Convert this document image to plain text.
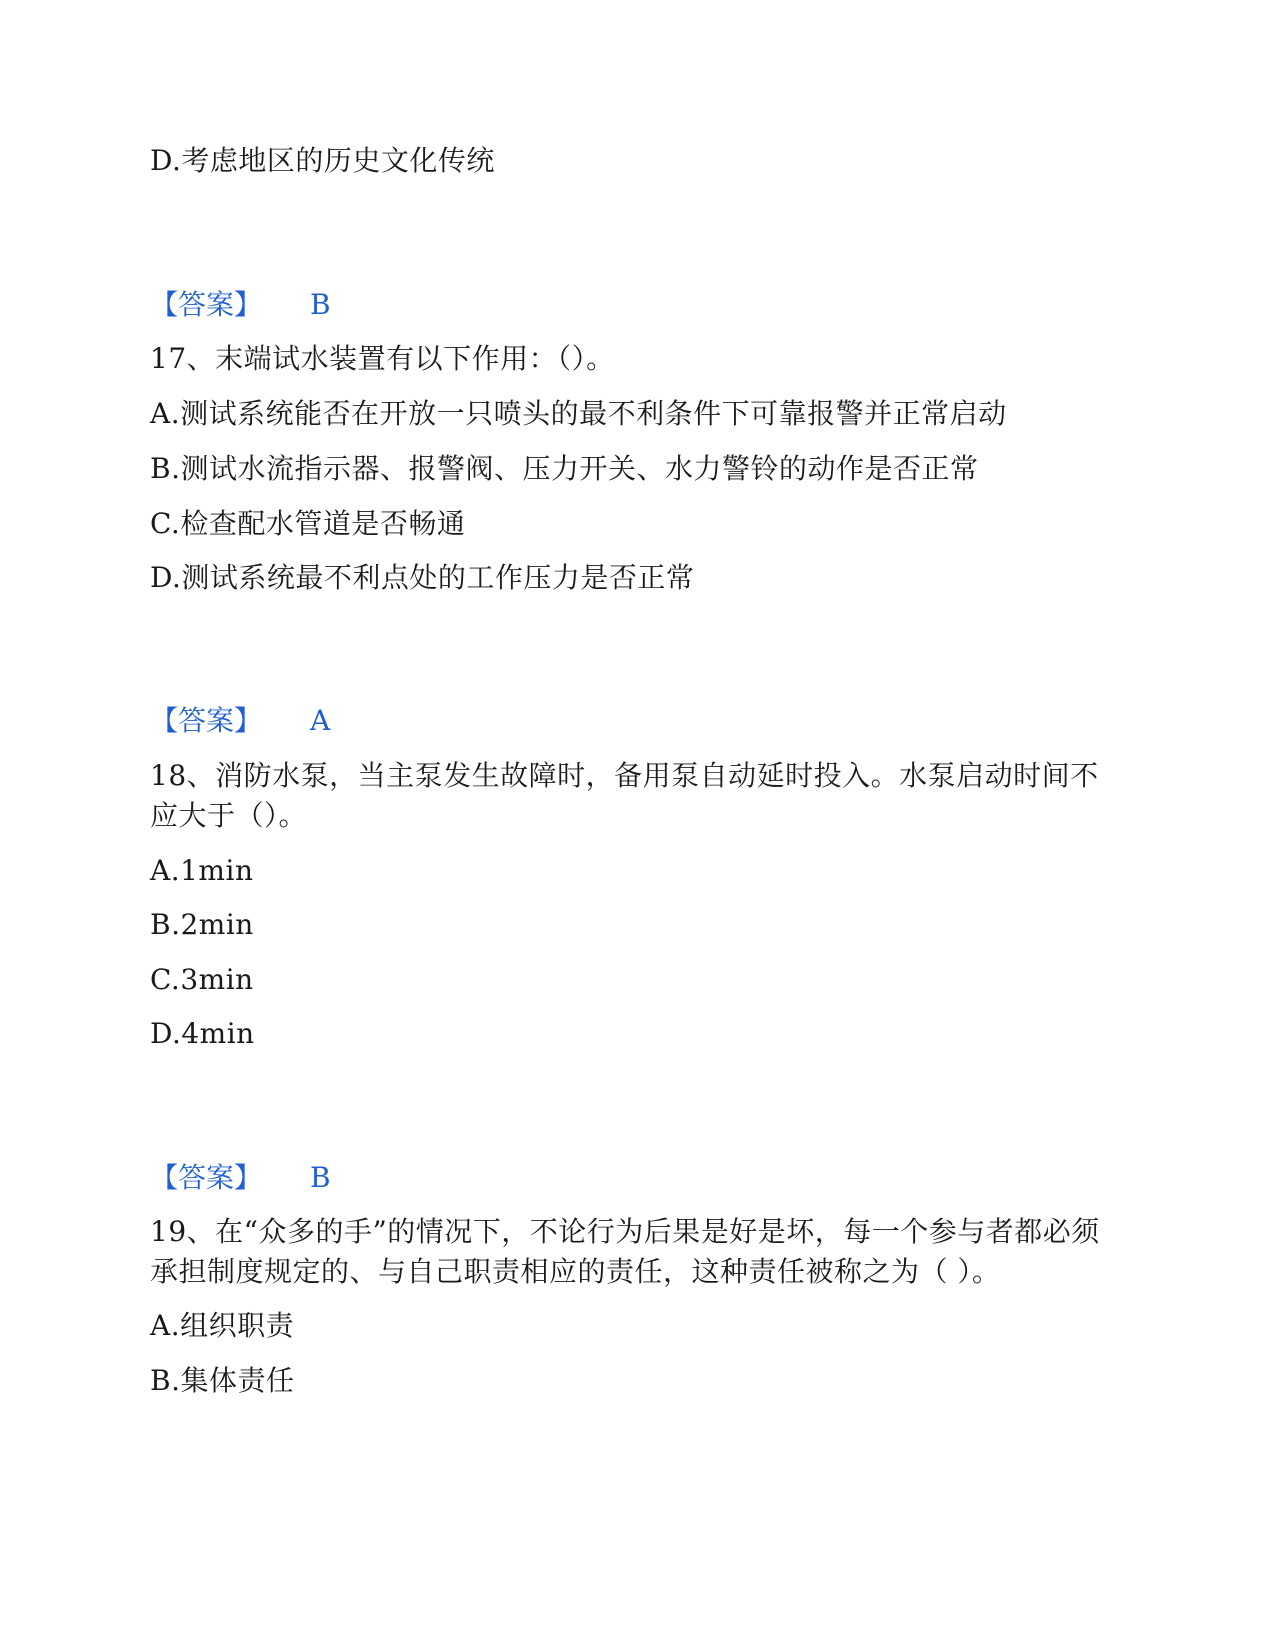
D.考虑地区的历史文化传统
【答案】 B
17、末端试水装置有以下作用：（）。
A.测试系统能否在开放一只喷头的最不利条件下可靠报警并正常启动
B.测试水流指示器、报警阀、压力开关、水力警铃的动作是否正常
C.检查配水管道是否畅通
D.测试系统最不利点处的工作压力是否正常
【答案】 A
18、消防水泵，当主泵发生故障时，备用泵自动延时投入。水泵启动时间不
应大于（）。
A.1min
B.2min
C.3min
D.4min
【答案】 B
19、在“众多的手”的情况下，不论行为后果是好是坏，每一个参与者都必须
承担制度规定的、与自己职责相应的责任，这种责任被称之为（ ）。
A.组织职责
B.集体责任
